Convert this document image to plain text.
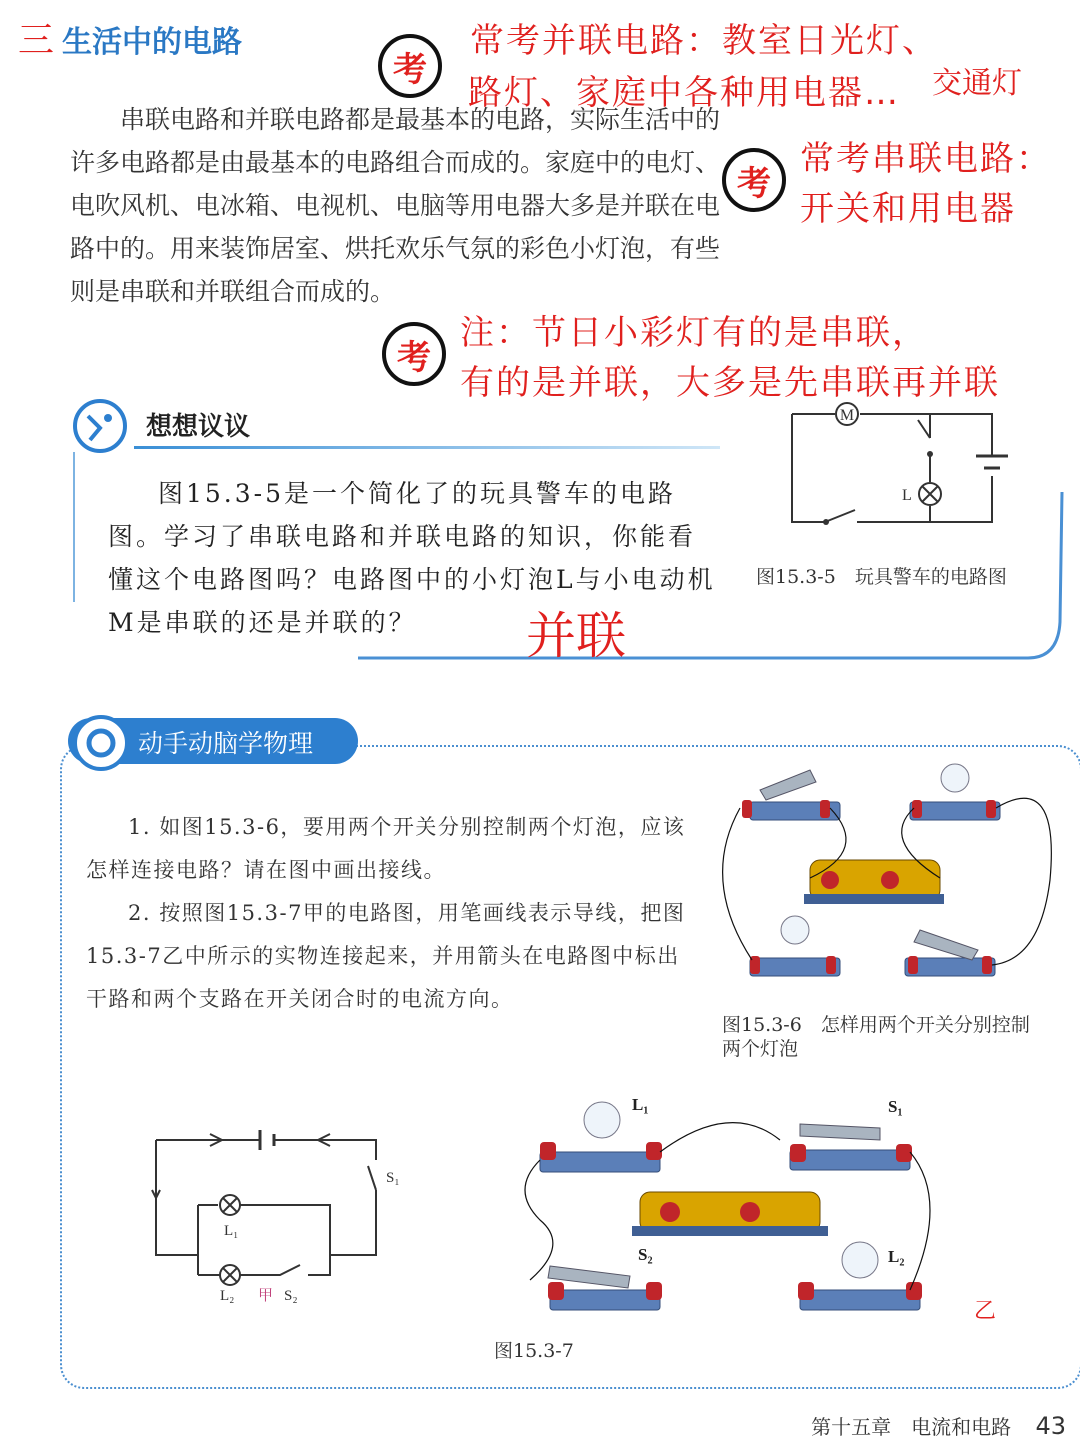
三 生活中的电路
考
常考并联电路：教室日光灯、
路灯、家庭中各种用电器… 交通灯
考
常考串联电路：
开关和用电器
考
注：节日小彩灯有的是串联，
有的是并联，大多是先串联再并联

串联电路和并联电路都是最基本的电路，实际生活中的许多电路都是由最基本的电路组合而成的。家庭中的电灯、电吹风机、电冰箱、电视机、电脑等用电器大多是并联在电路中的。用来装饰居室、烘托欢乐气氛的彩色小灯泡，有些则是串联和并联组合而成的。

想想议议

图15.3-5是一个简化了的玩具警车的电路图。学习了串联电路和并联电路的知识，你能看懂这个电路图吗？电路图中的小灯泡L与小电动机M是串联的还是并联的？	并联
M
L
图15.3-5　玩具警车的电路图
动手动脑学物理

1. 如图15.3-6，要用两个开关分别控制两个灯泡，应该怎样连接电路？请在图中画出接线。

2. 按照图15.3-7甲的电路图，用笔画线表示导线，把图15.3-7乙中所示的实物连接起来，并用箭头在电路图中标出干路和两个支路在开关闭合时的电流方向。

图15.3-6　怎样用两个开关分别控制
两个灯泡
L₁
L₂
S₁
S₂
甲
L₁	S₁
S₂	L₂
乙
图15.3-7
第十五章　电流和电路 43
